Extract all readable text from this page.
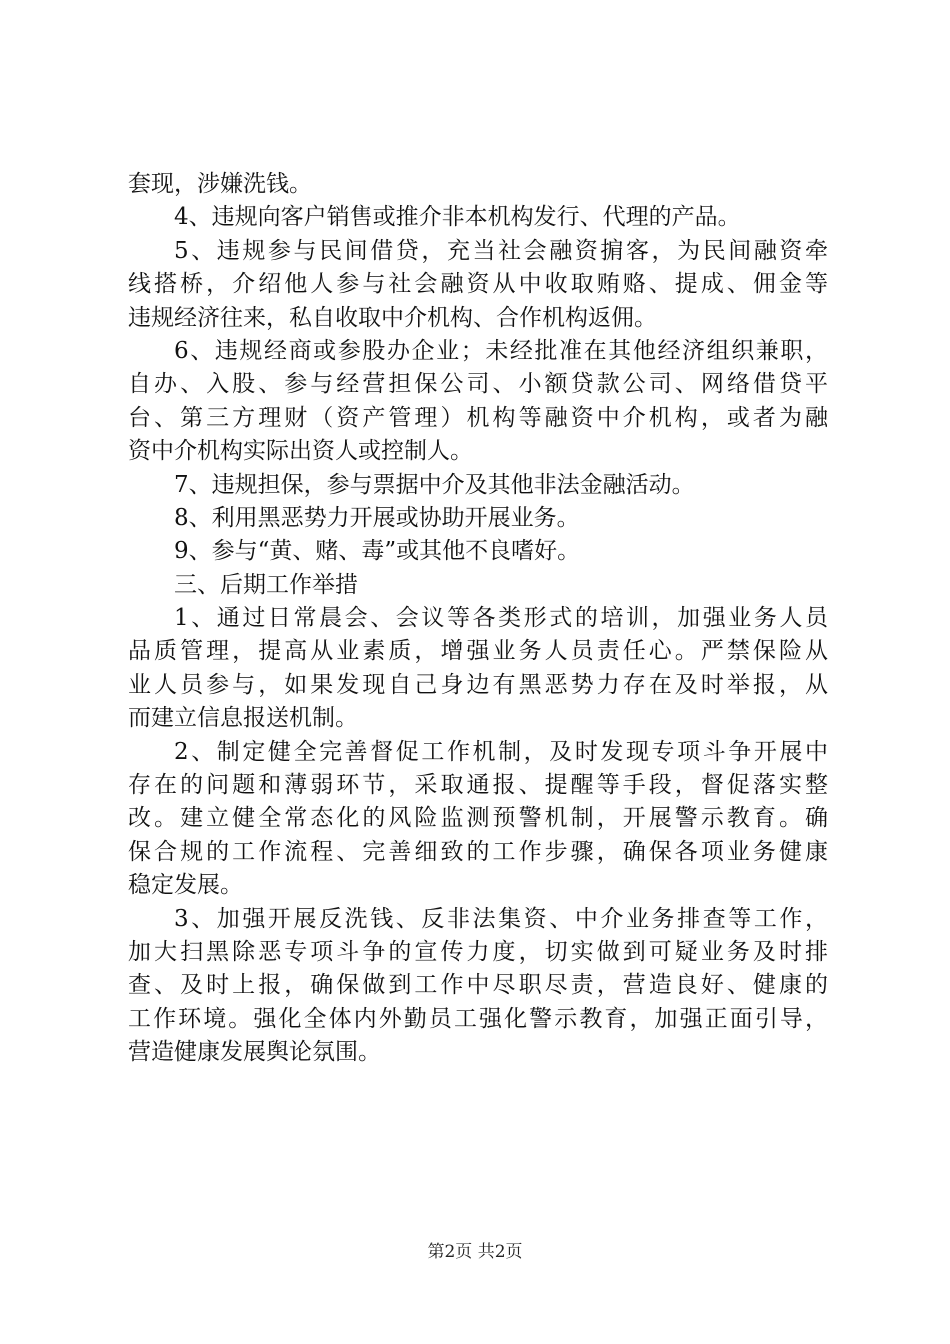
套现，涉嫌洗钱。
4、违规向客户销售或推介非本机构发行、代理的产品。
5、违规参与民间借贷，充当社会融资掮客，为民间融资牵
线搭桥，介绍他人参与社会融资从中收取贿赂、提成、佣金等
违规经济往来，私自收取中介机构、合作机构返佣。
6、违规经商或参股办企业；未经批准在其他经济组织兼职，
自办、入股、参与经营担保公司、小额贷款公司、网络借贷平
台、第三方理财（资产管理）机构等融资中介机构，或者为融
资中介机构实际出资人或控制人。
7、违规担保，参与票据中介及其他非法金融活动。
8、利用黑恶势力开展或协助开展业务。
9、参与“黄、赌、毒”或其他不良嗜好。
三、后期工作举措
1、通过日常晨会、会议等各类形式的培训，加强业务人员
品质管理，提高从业素质，增强业务人员责任心。严禁保险从
业人员参与，如果发现自己身边有黑恶势力存在及时举报，从
而建立信息报送机制。
2、制定健全完善督促工作机制，及时发现专项斗争开展中
存在的问题和薄弱环节，采取通报、提醒等手段，督促落实整
改。建立健全常态化的风险监测预警机制，开展警示教育。确
保合规的工作流程、完善细致的工作步骤，确保各项业务健康
稳定发展。
3、加强开展反洗钱、反非法集资、中介业务排查等工作，
加大扫黑除恶专项斗争的宣传力度，切实做到可疑业务及时排
查、及时上报，确保做到工作中尽职尽责，营造良好、健康的
工作环境。强化全体内外勤员工强化警示教育，加强正面引导，
营造健康发展舆论氛围。
第2页 共2页
